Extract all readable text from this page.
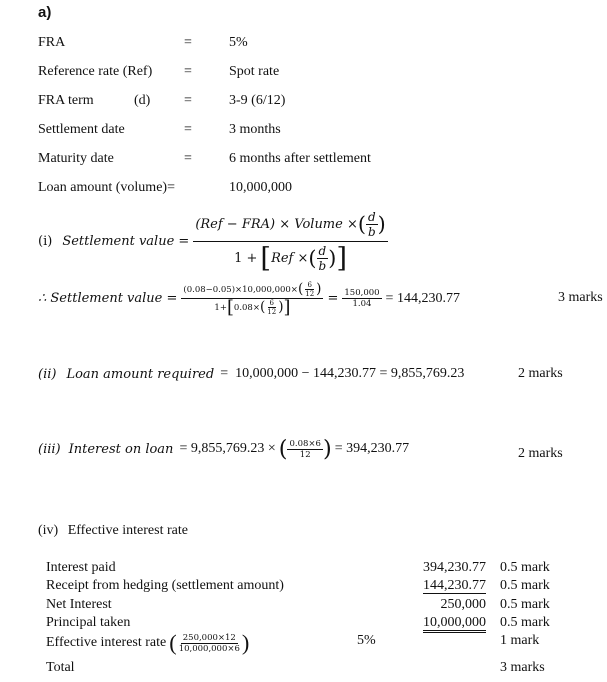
a)
FRA	=	5%
Reference rate (Ref) =	Spot rate
FRA term	(d) =	3-9 (6/12)
Settlement date	=	3 months
Maturity date	=	6 months after settlement
Loan amount (volume)=	10,000,000
(i) Settlement value = $\frac{(Ref - FRA) \times Volume \times ( \frac{d}{b} )}{1 + [ Ref \times ( \frac{d}{b} ) ]}$
∴ Settlement value = $\frac{(0.08-0.05)\times 10,000,000\times ( \frac{6}{12} )}{1+ [ 0.08\times ( \frac{6}{12} ) ]} = \frac{150,000}{1.04} = 144,230.77$	3 marks
(ii) Loan amount required =  10,000,000 − 144,230.77 = 9,855,769.23	2 marks
(iii) Interest on loan = 9,855,769.23 × ( $\frac{0.08\times 6}{12}$ ) = 394,230.77	2 marks
(iv) Effective interest rate
Interest paid	394,230.77 0.5 mark
Receipt from hedging (settlement amount)	144,230.77 0.5 mark
Net Interest	250,000 0.5 mark
Principal taken	10,000,000 0.5 mark
Effective interest rate ( $\frac{250,000\times 12}{10,000,000\times 6}$ )	5%	1 mark
Total	3 marks
